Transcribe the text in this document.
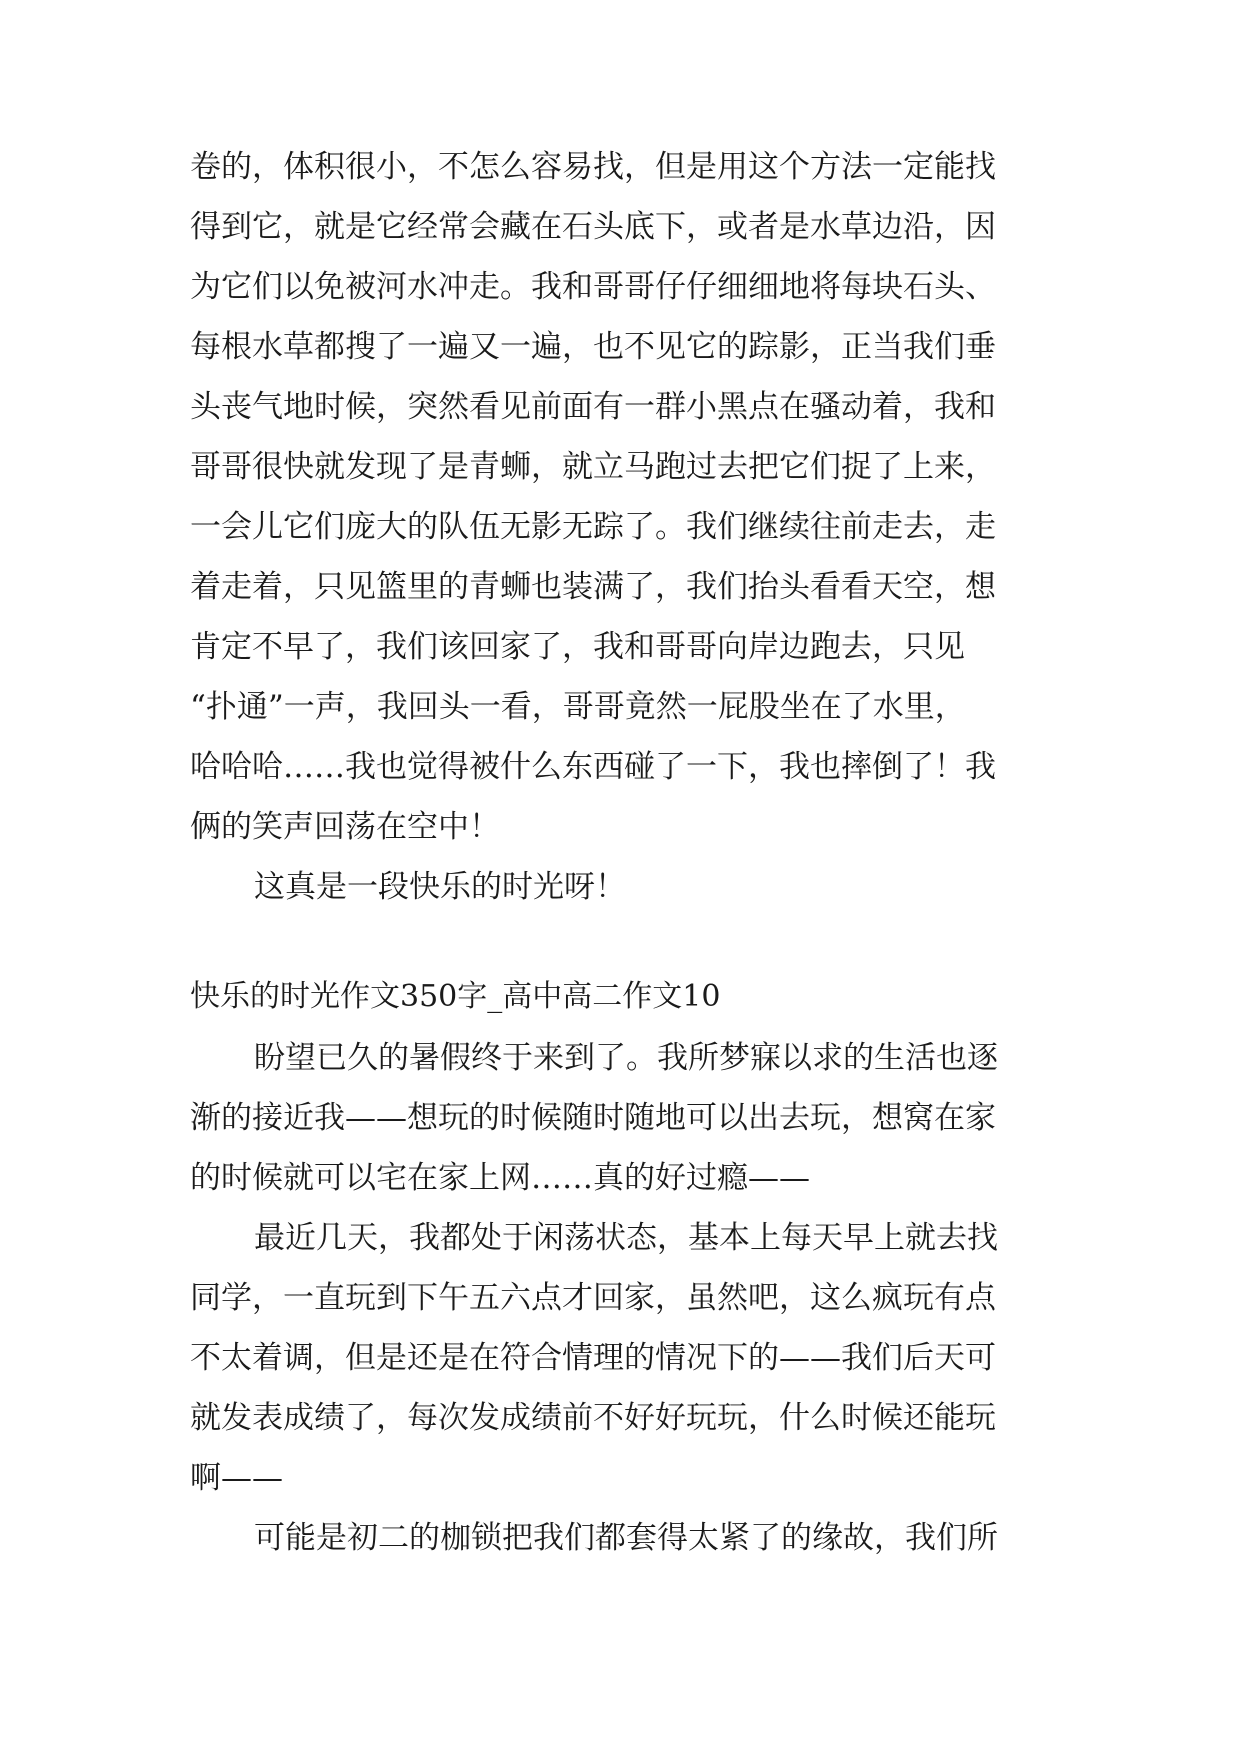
卷的，体积很小，不怎么容易找，但是用这个方法一定能找
得到它，就是它经常会藏在石头底下，或者是水草边沿，因
为它们以免被河水冲走。我和哥哥仔仔细细地将每块石头、
每根水草都搜了一遍又一遍，也不见它的踪影，正当我们垂
头丧气地时候，突然看见前面有一群小黑点在骚动着，我和
哥哥很快就发现了是青蛳，就立马跑过去把它们捉了上来，
一会儿它们庞大的队伍无影无踪了。我们继续往前走去，走
着走着，只见篮里的青蛳也装满了，我们抬头看看天空，想
肯定不早了，我们该回家了，我和哥哥向岸边跑去，只见
“扑通”一声，我回头一看，哥哥竟然一屁股坐在了水里，
哈哈哈……我也觉得被什么东西碰了一下，我也摔倒了！我
俩的笑声回荡在空中！
这真是一段快乐的时光呀！
快乐的时光作文350字_高中高二作文10
盼望已久的暑假终于来到了。我所梦寐以求的生活也逐
渐的接近我——想玩的时候随时随地可以出去玩，想窝在家
的时候就可以宅在家上网……真的好过瘾——
最近几天，我都处于闲荡状态，基本上每天早上就去找
同学，一直玩到下午五六点才回家，虽然吧，这么疯玩有点
不太着调，但是还是在符合情理的情况下的——我们后天可
就发表成绩了，每次发成绩前不好好玩玩，什么时候还能玩
啊——
可能是初二的枷锁把我们都套得太紧了的缘故，我们所
